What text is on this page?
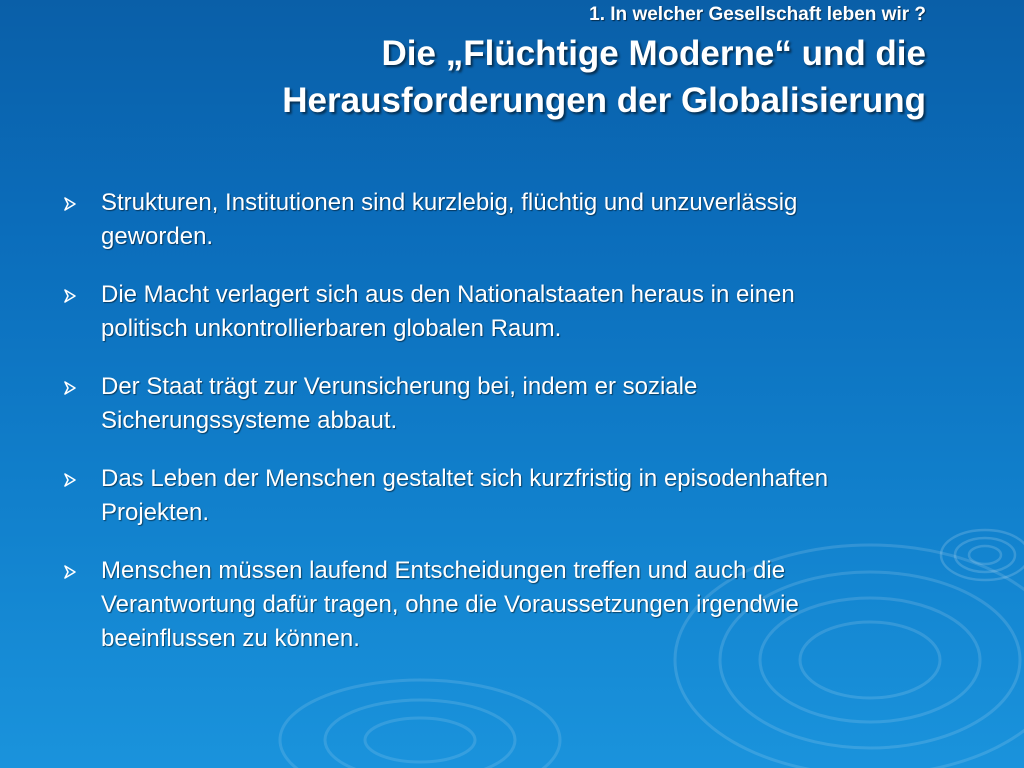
1. In welcher Gesellschaft leben wir ?
Die „Flüchtige Moderne“ und die
Herausforderungen der Globalisierung
Strukturen, Institutionen sind kurzlebig, flüchtig und unzuverlässig
geworden.
Die Macht verlagert sich aus den Nationalstaaten heraus in einen
politisch unkontrollierbaren globalen Raum.
Der Staat trägt zur Verunsicherung bei, indem er soziale
Sicherungssysteme abbaut.
Das Leben der Menschen gestaltet sich kurzfristig in episodenhaften
Projekten.
Menschen müssen laufend Entscheidungen treffen und auch die
Verantwortung dafür tragen, ohne die Voraussetzungen irgendwie
beeinflussen zu können.
